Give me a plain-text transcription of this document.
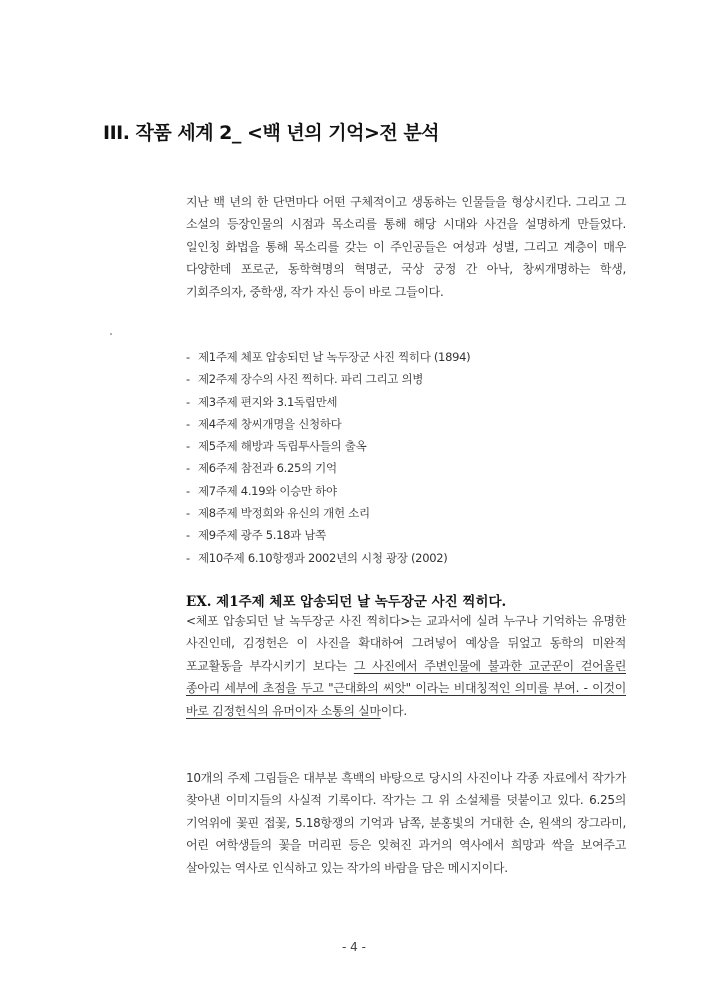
III. 작품 세계 2_ <백 년의 기억>전 분석

지난 백 년의 한 단면마다 어떤 구체적이고 생동하는 인물들을 형상시킨다. 그리고 그 소설의 등장인물의 시점과 목소리를 통해 해당 시대와 사건을 설명하게 만들었다. 일인칭 화법을 통해 목소리를 갖는 이 주인공들은 여성과 성별, 그리고 계층이 매우 다양한데 포로군, 동학혁명의 혁명군, 국상 궁정 간 아낙, 창씨개명하는 학생, 기회주의자, 중학생, 작가 자신 등이 바로 그들이다.

- 제1주제 체포 압송되던 날 녹두장군 사진 찍히다 (1894)
- 제2주제 장수의 사진 찍히다. 파리 그리고 의병
- 제3주제 편지와 3.1독립만세
- 제4주제 창씨개명을 신청하다
- 제5주제 해방과 독립투사들의 출옥
- 제6주제 참전과 6.25의 기억
- 제7주제 4.19와 이승만 하야
- 제8주제 박정희와 유신의 개헌 소리
- 제9주제 광주 5.18과 남쪽
- 제10주제 6.10항쟁과 2002년의 시청 광장 (2002)
EX. 제1주제 체포 압송되던 날 녹두장군 사진 찍히다.

<체포 압송되던 날 녹두장군 사진 찍히다>는 교과서에 실려 누구나 기억하는 유명한 사진인데, 김정헌은 이 사진을 확대하여 그려넣어 예상을 뒤엎고 동학의 미완적 포교활동을 부각시키기 보다는 그 사진에서 주변인물에 불과한 교군꾼이 걷어올린 종아리 세부에 초점을 두고 "근대화의 씨앗" 이라는 비대칭적인 의미를 부여. - 이것이 바로 김정헌식의 유머이자 소통의 실마이다.

10개의 주제 그림들은 대부분 흑백의 바탕으로 당시의 사진이나 각종 자료에서 작가가 찾아낸 이미지들의 사실적 기록이다. 작가는 그 위 소설체를 덧붙이고 있다. 6.25의 기억위에 꽃핀 접꽃, 5.18항쟁의 기억과 남쪽, 분홍빛의 거대한 손, 원색의 장그라미, 어린 여학생들의 꽃을 머리핀 등은 잊혀진 과거의 역사에서 희망과 싹을 보여주고 살아있는 역사로 인식하고 있는 작가의 바람을 담은 메시지이다.

- 4 -
